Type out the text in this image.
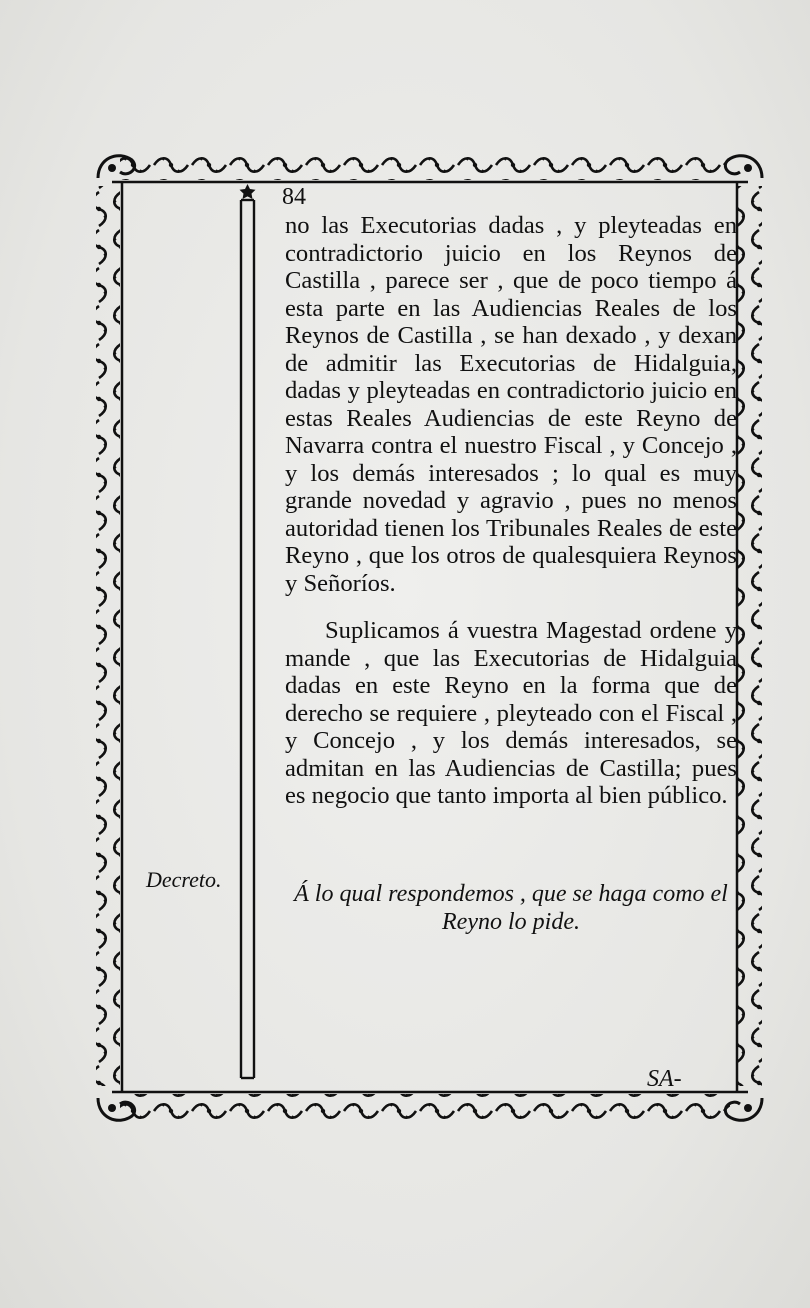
84

no las Executorias dadas , y pleyteadas en contradictorio juicio en los Reynos de Castilla , parece ser , que de poco tiempo á esta parte en las Audiencias Reales de los Reynos de Castilla , se han dexado , y dexan de admitir las Executorias de Hidalguia, dadas y pleyteadas en contradictorio juicio en estas Reales Audiencias de este Reyno de Navarra contra el nuestro Fiscal , y Concejo , y los demás interesados ; lo qual es muy grande novedad y agravio , pues no menos autoridad tienen los Tribunales Reales de este Reyno , que los otros de qualesquiera Reynos y Señoríos.

Suplicamos á vuestra Magestad ordene y mande , que las Executorias de Hidalguia dadas en este Reyno en la forma que de derecho se requiere , pleyteado con el Fiscal , y Concejo , y los demás interesados, se admitan en las Audiencias de Castilla; pues es negocio que tanto importa al bien público.

Decreto.
Á lo qual respondemos , que se haga como el Reyno lo pide.
SA-
